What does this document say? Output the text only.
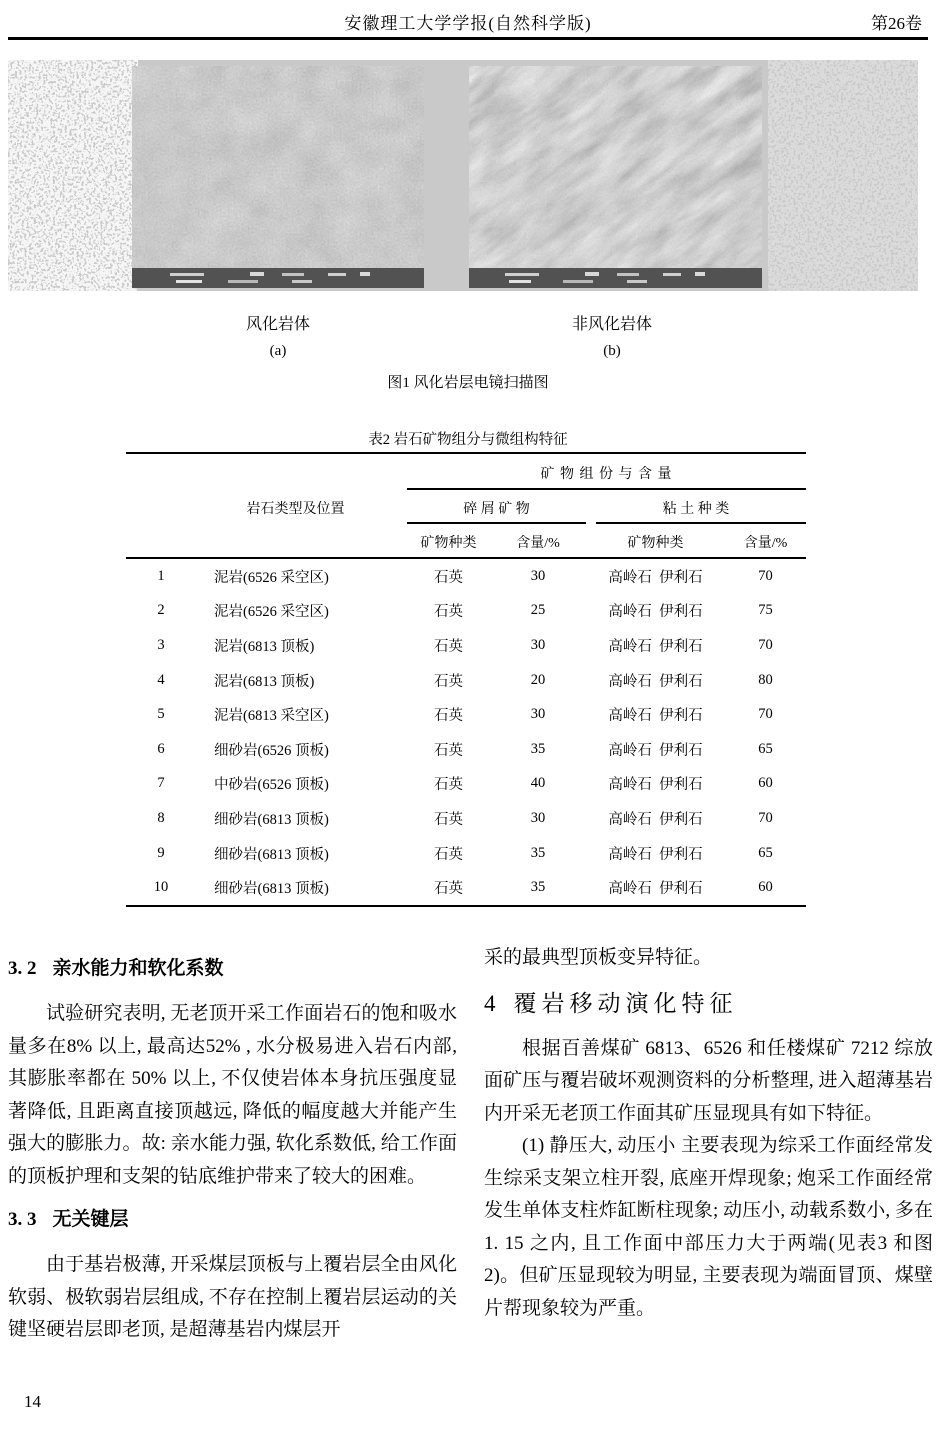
安徽理工大学学报(自然科学版)	第26卷
风化岩体	非风化岩体
(a)	(b)
图1 风化岩层电镜扫描图
表2 岩石矿物组分与微组构特征
矿 物 组 份 与 含 量
岩石类型及位置	碎 屑 矿 物	粘 土 种 类
矿物种类	含量/%	矿物种类	含量/%
1	泥岩(6526 采空区)	石英	30	高岭石  伊利石	70
2	泥岩(6526 采空区)	石英	25	高岭石  伊利石	75
3	泥岩(6813 顶板)	石英	30	高岭石  伊利石	70
4	泥岩(6813 顶板)	石英	20	高岭石  伊利石	80
5	泥岩(6813 采空区)	石英	30	高岭石  伊利石	70
6	细砂岩(6526 顶板)	石英	35	高岭石  伊利石	65
7	中砂岩(6526 顶板)	石英	40	高岭石  伊利石	60
8	细砂岩(6813 顶板)	石英	30	高岭石  伊利石	70
9	细砂岩(6813 顶板)	石英	35	高岭石  伊利石	65
10	细砂岩(6813 顶板)	石英	35	高岭石  伊利石	60

3. 2 亲水能力和软化系数

试验研究表明, 无老顶开采工作面岩石的饱和吸水量多在8% 以上, 最高达52% , 水分极易进入岩石内部, 其膨胀率都在 50% 以上, 不仅使岩体本身抗压强度显著降低, 且距离直接顶越远, 降低的幅度越大并能产生强大的膨胀力。故: 亲水能力强, 软化系数低, 给工作面的顶板护理和支架的钻底维护带来了较大的困难。

3. 3 无关键层

由于基岩极薄, 开采煤层顶板与上覆岩层全由风化软弱、极软弱岩层组成, 不存在控制上覆岩层运动的关键坚硬岩层即老顶, 是超薄基岩内煤层开

采的最典型顶板变异特征。

4 覆岩移动演化特征

根据百善煤矿 6813、6526 和任楼煤矿 7212 综放面矿压与覆岩破坏观测资料的分析整理, 进入超薄基岩内开采无老顶工作面其矿压显现具有如下特征。

(1) 静压大, 动压小 主要表现为综采工作面经常发生综采支架立柱开裂, 底座开焊现象; 炮采工作面经常发生单体支柱炸缸断柱现象; 动压小, 动载系数小, 多在1. 15 之内, 且工作面中部压力大于两端(见表3 和图2)。但矿压显现较为明显, 主要表现为端面冒顶、煤壁片帮现象较为严重。

14
